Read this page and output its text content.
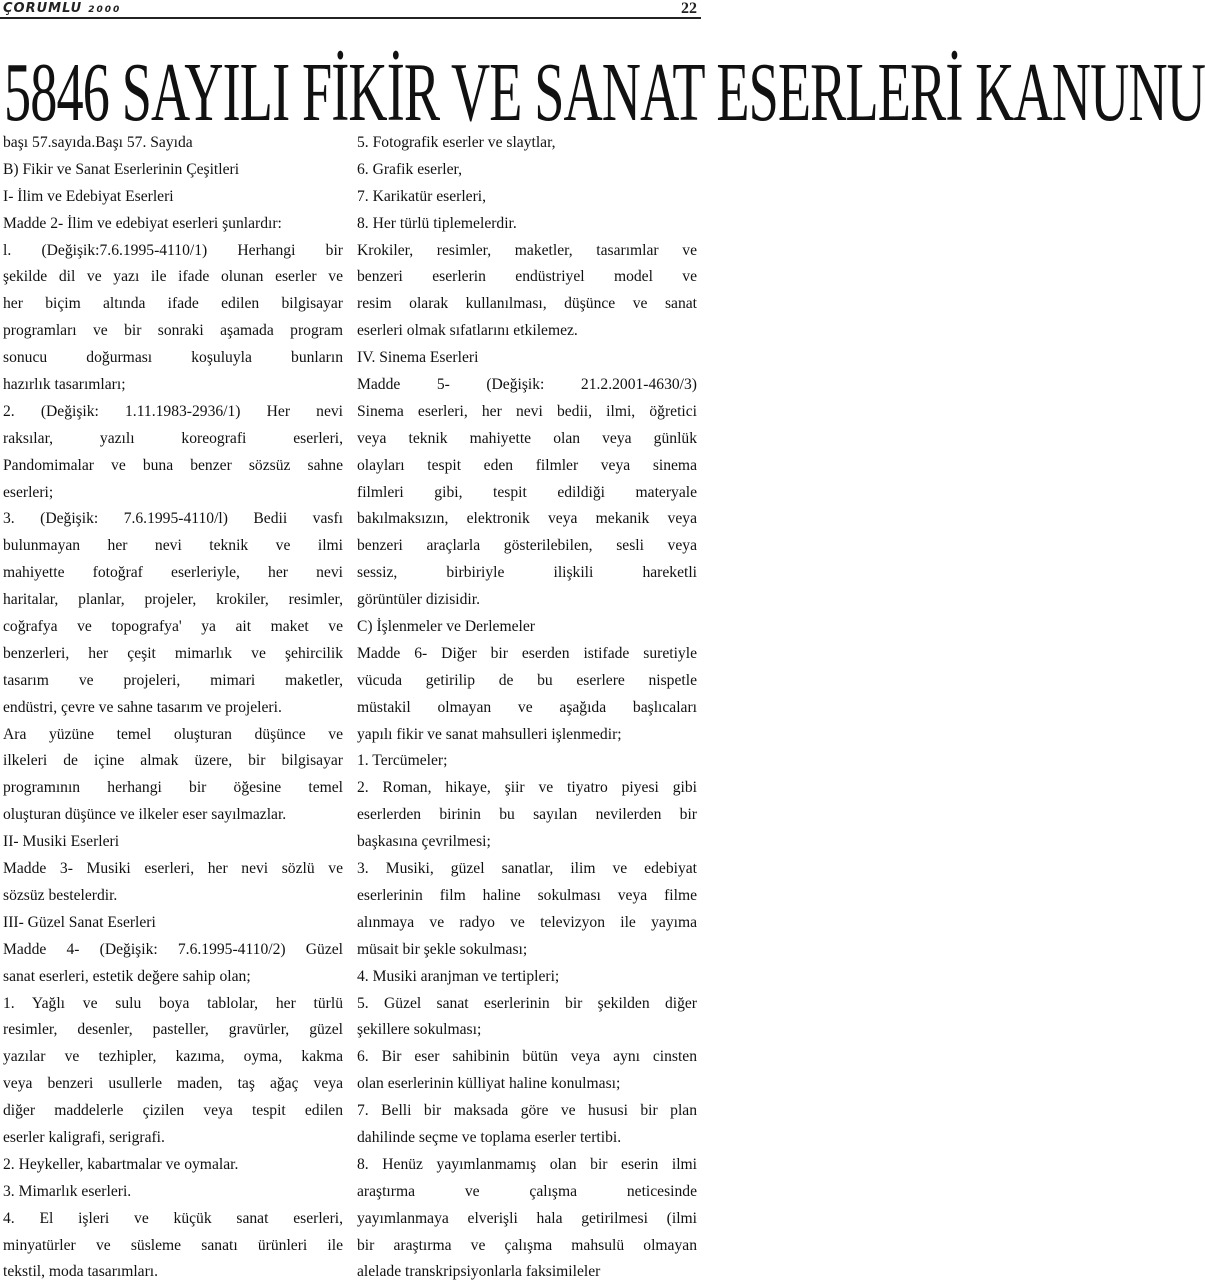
ÇORUMLU 2000	22
5846 SAYILI FİKİR VE SANAT ESERLERİ KANUNU
başı 57.sayıda.Başı 57. Sayıda
B) Fikir ve Sanat Eserlerinin Çeşitleri
I- İlim ve Edebiyat Eserleri
Madde 2- İlim ve edebiyat eserleri şunlardır:
l. (Değişik:7.6.1995-4110/1) Herhangi bir
şekilde dil ve yazı ile ifade olunan eserler ve
her biçim altında ifade edilen bilgisayar
programları ve bir sonraki aşamada program
sonucu doğurması koşuluyla bunların
hazırlık tasarımları;
2. (Değişik: 1.11.1983-2936/1) Her nevi
raksılar, yazılı koreografi eserleri,
Pandomimalar ve buna benzer sözsüz sahne
eserleri;
3. (Değişik: 7.6.1995-4110/l) Bedii vasfı
bulunmayan her nevi teknik ve ilmi
mahiyette fotoğraf eserleriyle, her nevi
haritalar, planlar, projeler, krokiler, resimler,
coğrafya ve topografya' ya ait maket ve
benzerleri, her çeşit mimarlık ve şehircilik
tasarım ve projeleri, mimari maketler,
endüstri, çevre ve sahne tasarım ve projeleri.
Ara yüzüne temel oluşturan düşünce ve
ilkeleri de içine almak üzere, bir bilgisayar
programının herhangi bir öğesine temel
oluşturan düşünce ve ilkeler eser sayılmazlar.
II- Musiki Eserleri
Madde 3- Musiki eserleri, her nevi sözlü ve
sözsüz bestelerdir.
III- Güzel Sanat Eserleri
Madde 4- (Değişik: 7.6.1995-4110/2) Güzel
sanat eserleri, estetik değere sahip olan;
1. Yağlı ve sulu boya tablolar, her türlü
resimler, desenler, pasteller, gravürler, güzel
yazılar ve tezhipler, kazıma, oyma, kakma
veya benzeri usullerle maden, taş ağaç veya
diğer maddelerle çizilen veya tespit edilen
eserler kaligrafi, serigrafi.
2. Heykeller, kabartmalar ve oymalar.
3. Mimarlık eserleri.
4. El işleri ve küçük sanat eserleri,
minyatürler ve süsleme sanatı ürünleri ile
tekstil, moda tasarımları.
5. Fotografik eserler ve slaytlar,
6. Grafik eserler,
7. Karikatür eserleri,
8. Her türlü tiplemelerdir.
Krokiler, resimler, maketler, tasarımlar ve
benzeri eserlerin endüstriyel model ve
resim olarak kullanılması, düşünce ve sanat
eserleri olmak sıfatlarını etkilemez.
IV. Sinema Eserleri
Madde 5- (Değişik: 21.2.2001-4630/3)
Sinema eserleri, her nevi bedii, ilmi, öğretici
veya teknik mahiyette olan veya günlük
olayları tespit eden filmler veya sinema
filmleri gibi, tespit edildiği materyale
bakılmaksızın, elektronik veya mekanik veya
benzeri araçlarla gösterilebilen, sesli veya
sessiz, birbiriyle ilişkili hareketli
görüntüler dizisidir.
C) İşlenmeler ve Derlemeler
Madde 6- Diğer bir eserden istifade suretiyle
vücuda getirilip de bu eserlere nispetle
müstakil olmayan ve aşağıda başlıcaları
yapılı fikir ve sanat mahsulleri işlenmedir;
1. Tercümeler;
2. Roman, hikaye, şiir ve tiyatro piyesi gibi
eserlerden birinin bu sayılan nevilerden bir
başkasına çevrilmesi;
3. Musiki, güzel sanatlar, ilim ve edebiyat
eserlerinin film haline sokulması veya filme
alınmaya ve radyo ve televizyon ile yayıma
müsait bir şekle sokulması;
4. Musiki aranjman ve tertipleri;
5. Güzel sanat eserlerinin bir şekilden diğer
şekillere sokulması;
6. Bir eser sahibinin bütün veya aynı cinsten
olan eserlerinin külliyat haline konulması;
7. Belli bir maksada göre ve hususi bir plan
dahilinde seçme ve toplama eserler tertibi.
8. Henüz yayımlanmamış olan bir eserin ilmi
araştırma ve çalışma neticesinde
yayımlanmaya elverişli hala getirilmesi (ilmi
bir araştırma ve çalışma mahsulü olmayan
alelade transkripsiyonlarla faksimileler
